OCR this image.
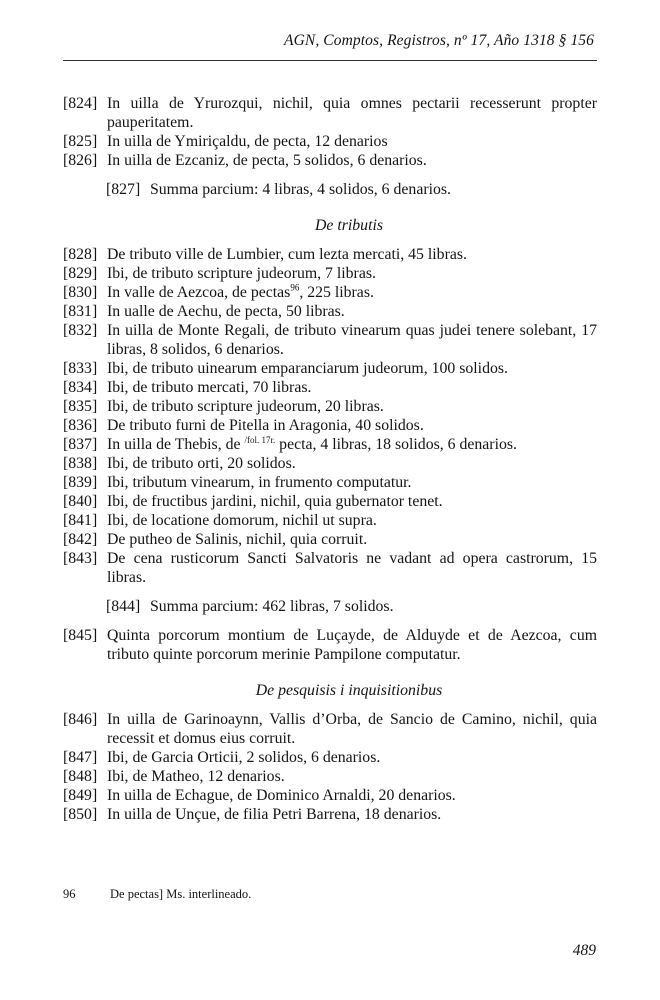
AGN, Comptos, Registros, nº 17, Año 1318 § 156
[824] In uilla de Yrurozqui, nichil, quia omnes pectarii recesserunt propter pauperitatem.
[825] In uilla de Ymiriçaldu, de pecta, 12 denarios
[826] In uilla de Ezcaniz, de pecta, 5 solidos, 6 denarios.
[827] Summa parcium: 4 libras, 4 solidos, 6 denarios.
De tributis
[828] De tributo ville de Lumbier, cum lezta mercati, 45 libras.
[829] Ibi, de tributo scripture judeorum, 7 libras.
[830] In valle de Aezcoa, de pectas$^{96}$, 225 libras.
[831] In ualle de Aechu, de pecta, 50 libras.
[832] In uilla de Monte Regali, de tributo vinearum quas judei tenere solebant, 17 libras, 8 solidos, 6 denarios.
[833] Ibi, de tributo uinearum emparanciarum judeorum, 100 solidos.
[834] Ibi, de tributo mercati, 70 libras.
[835] Ibi, de tributo scripture judeorum, 20 libras.
[836] De tributo furni de Pitella in Aragonia, 40 solidos.
[837] In uilla de Thebis, de $^{/fol. 17r.}$ pecta, 4 libras, 18 solidos, 6 denarios.
[838] Ibi, de tributo orti, 20 solidos.
[839] Ibi, tributum vinearum, in frumento computatur.
[840] Ibi, de fructibus jardini, nichil, quia gubernator tenet.
[841] Ibi, de locatione domorum, nichil ut supra.
[842] De putheo de Salinis, nichil, quia corruit.
[843] De cena rusticorum Sancti Salvatoris ne vadant ad opera castrorum, 15 libras.
[844] Summa parcium: 462 libras, 7 solidos.
[845] Quinta porcorum montium de Luçayde, de Alduyde et de Aezcoa, cum tributo quinte porcorum merinie Pampilone computatur.
De pesquisis i inquisitionibus
[846] In uilla de Garinoaynn, Vallis d’Orba, de Sancio de Camino, nichil, quia recessit et domus eius corruit.
[847] Ibi, de Garcia Orticii, 2 solidos, 6 denarios.
[848] Ibi, de Matheo, 12 denarios.
[849] In uilla de Echague, de Dominico Arnaldi, 20 denarios.
[850] In uilla de Unçue, de filia Petri Barrena, 18 denarios.
96	De pectas] Ms. interlineado.
489
